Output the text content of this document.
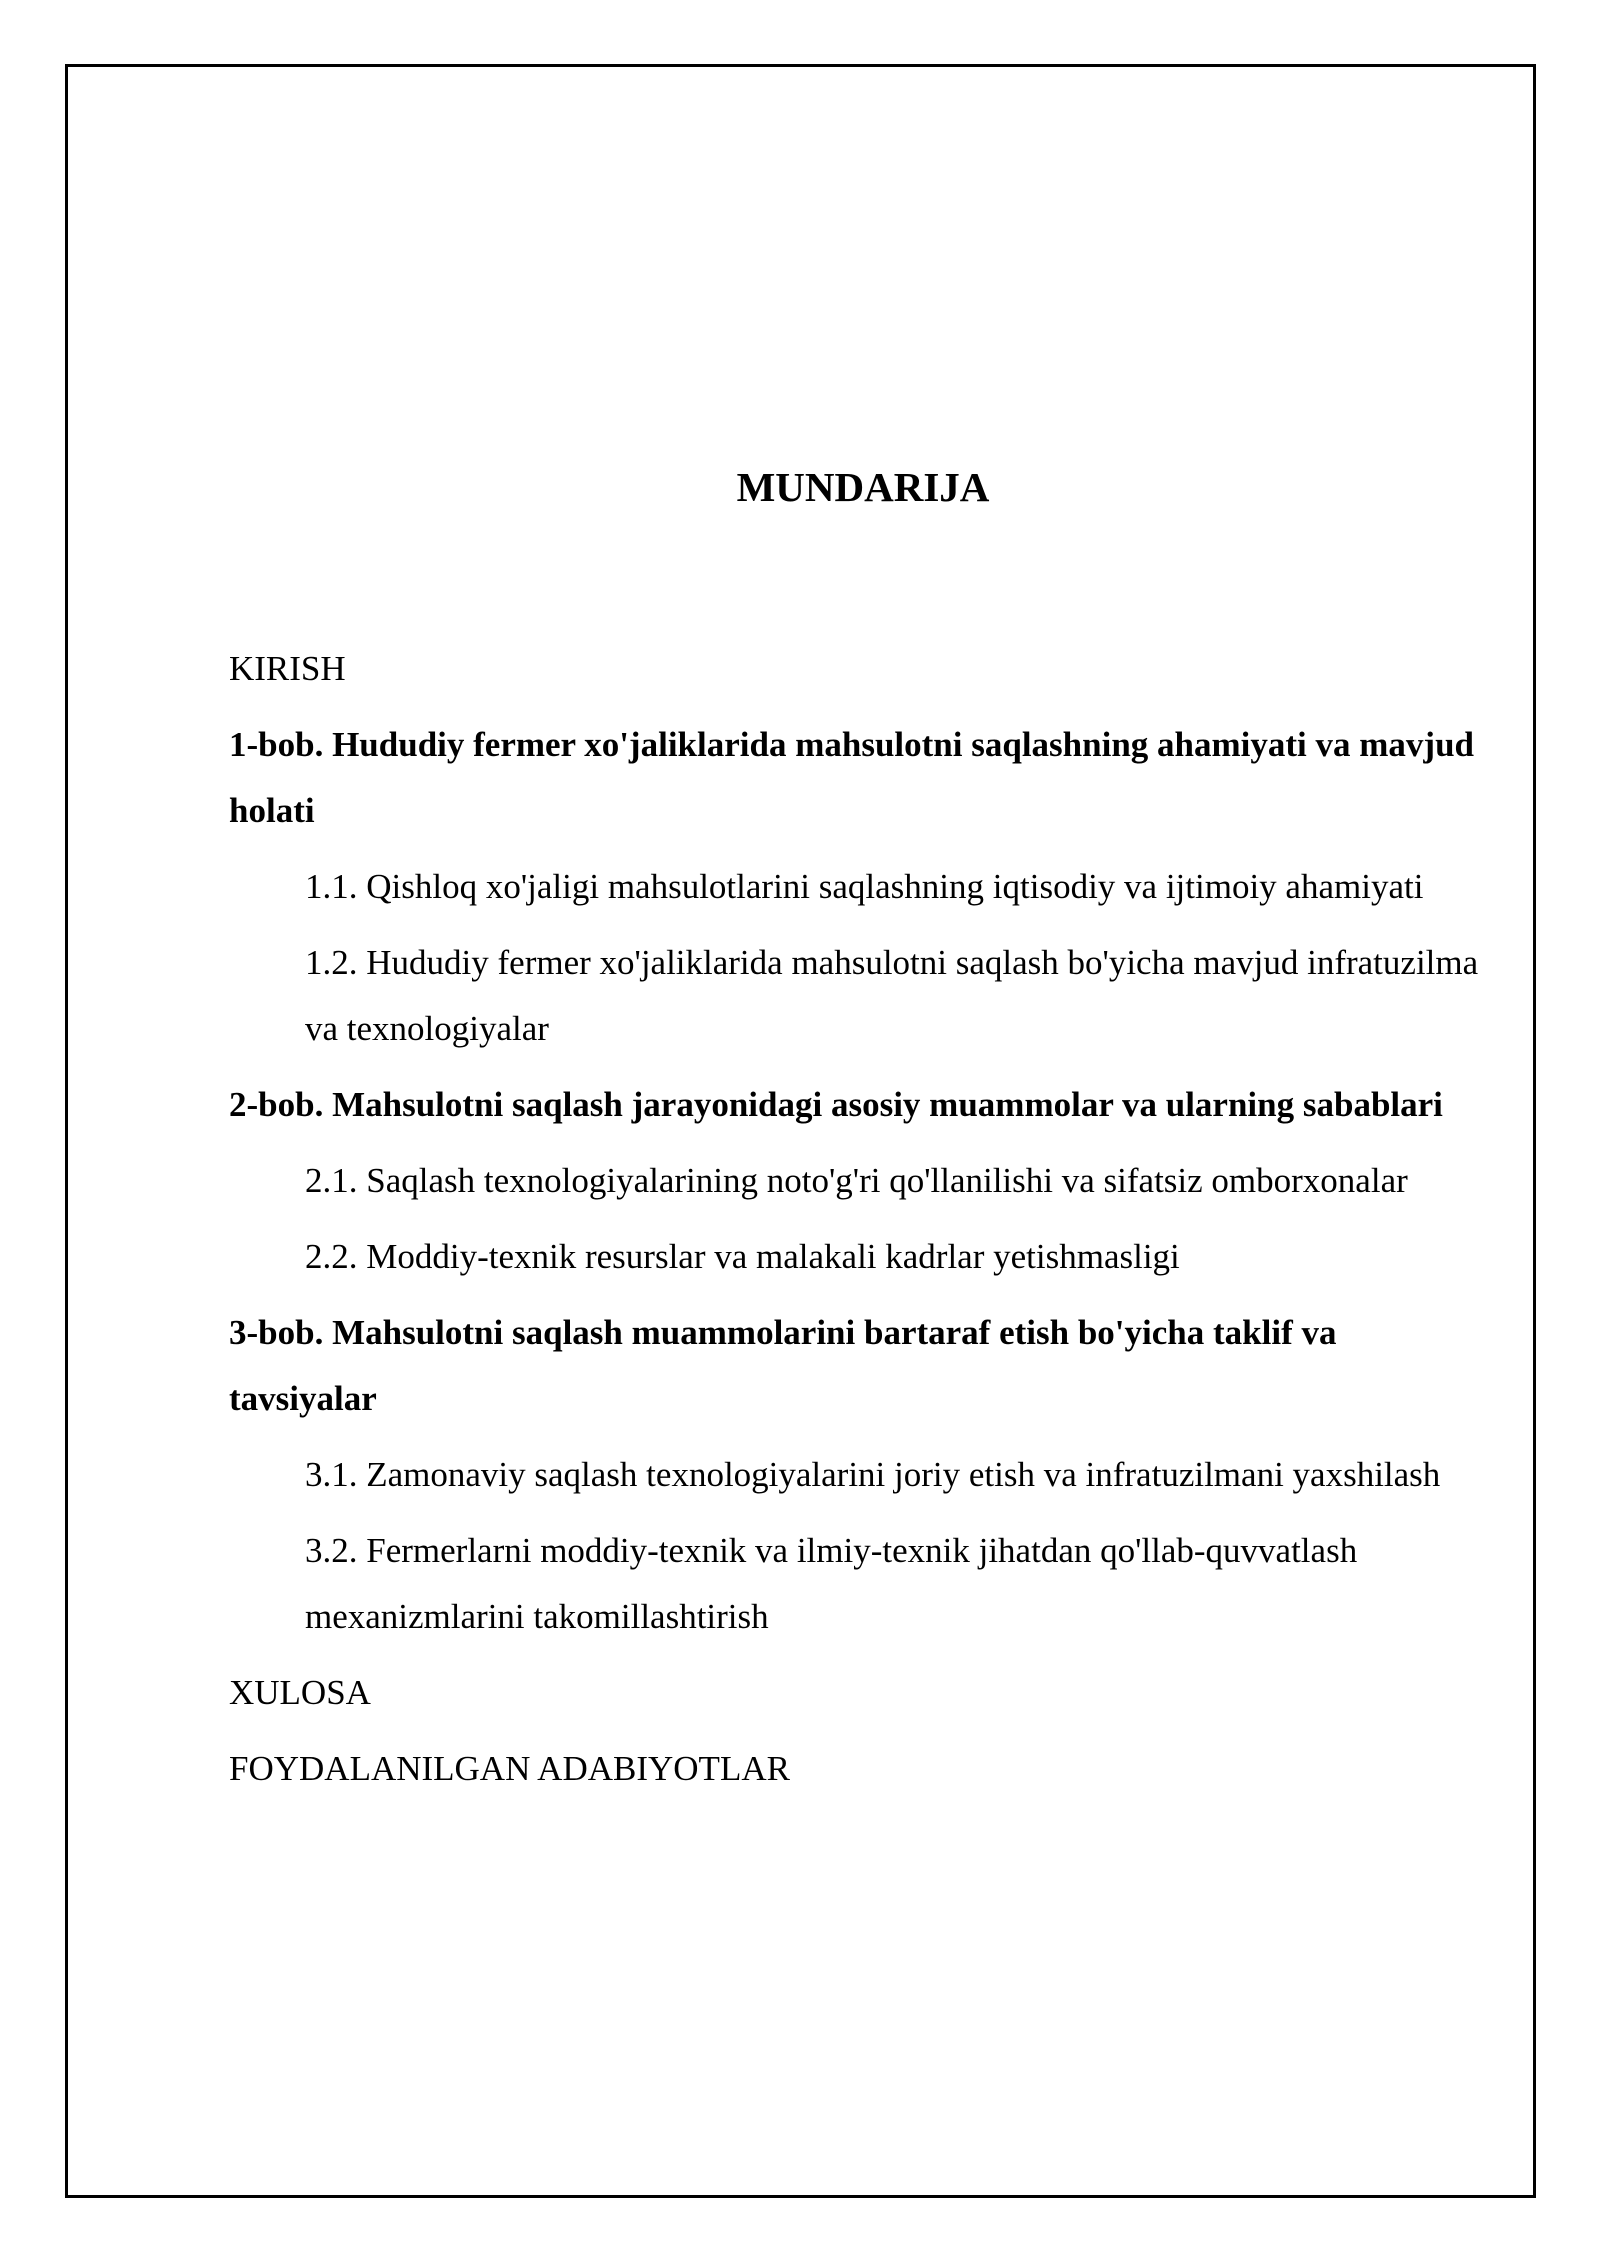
MUNDARIJA

KIRISH

1-bob. Hududiy fermer xo'jaliklarida mahsulotni saqlashning ahamiyati va mavjud holati

1.1. Qishloq xo'jaligi mahsulotlarini saqlashning iqtisodiy va ijtimoiy ahamiyati

1.2. Hududiy fermer xo'jaliklarida mahsulotni saqlash bo'yicha mavjud infratuzilma va texnologiyalar

2-bob. Mahsulotni saqlash jarayonidagi asosiy muammolar va ularning sabablari

2.1. Saqlash texnologiyalarining noto'g'ri qo'llanilishi va sifatsiz omborxonalar

2.2. Moddiy-texnik resurslar va malakali kadrlar yetishmasligi

3-bob. Mahsulotni saqlash muammolarini bartaraf etish bo'yicha taklif va tavsiyalar

3.1. Zamonaviy saqlash texnologiyalarini joriy etish va infratuzilmani yaxshilash

3.2. Fermerlarni moddiy-texnik va ilmiy-texnik jihatdan qo'llab-quvvatlash mexanizmlarini takomillashtirish

XULOSA

FOYDALANILGAN ADABIYOTLAR
